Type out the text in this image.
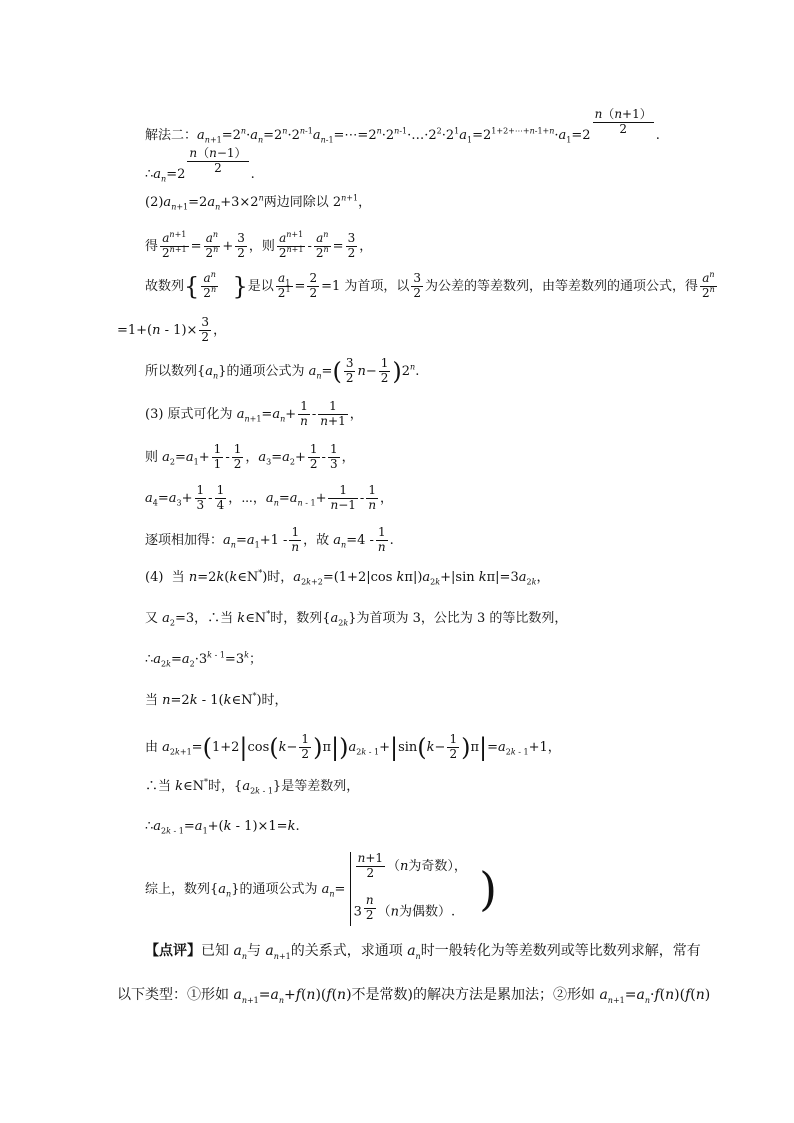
解法二：$a_{n+1}=2^n\cdot a_n=2^n\cdot 2^{n-1}a_{n-1}=\cdots=2^n\cdot 2^{n-1}\cdot\dots\cdot 2^2\cdot 2^1a_1=2^{1+2+\cdots+n-1+n}\cdot a_1=2 \frac{n(n+1)}{2}$ .
$\therefore a_n=2 \frac{n(n-1)}{2}$ .
$(2)a_{n+1}=2a_n+3\times 2^n$两边同除以 $2^{n+1}$，
得 $\frac{a^{n+1}}{2^{n+1}} = \frac{a^n}{2^n} + \frac{3}{2}$ ，则 $\frac{a^{n+1}}{2^{n+1}} - \frac{a^n}{2^n} = \frac{3}{2}$ ，
故数列{ $\frac{a^n}{2^n}$ }是以 $\frac{a_1}{2^1} = \frac{2}{2} =1$ 为首项，以 $\frac{3}{2}$ 为公差的等差数列，由等差数列的通项公式，得 $\frac{a^n}{2^n}$
$=1+(n - 1)\times \frac{3}{2}$ ，
所以数列$\{a_n\}$的通项公式为 $a_n=( \frac{3}{2} n- \frac{1}{2} )2^n$.
(3) 原式可化为 $a_{n+1}=a_n+ \frac{1}{n} - \frac{1}{n+1}$ ，
则 $a_2=a_1+ \frac{1}{1} - \frac{1}{2}$ ，$a_3=a_2+ \frac{1}{2} - \frac{1}{3}$ ，
$a_4=a_3+ \frac{1}{3} - \frac{1}{4}$ ，⋯，$a_n=a_{n - 1}+ \frac{1}{n-1} - \frac{1}{n}$ ，
逐项相加得：$a_n=a_1+1 - \frac{1}{n}$ ，故 $a_n=4 - \frac{1}{n}$ .
(4)  当 n=2k(k∈N*)时，$a_{2k+2}=(1+2|\cos$ $k\pi|)a_{2k}+|\sin$ $k\pi|=3a_{2k}$，
又 $a_2=3$，∴当 k∈N*时，数列$\{a_{2k}\}$为首项为 3，公比为 3 的等比数列，
$\therefore a_{2k}=a_2\cdot 3^{k - 1}=3^k$；
当 n=2k - 1(k∈N*)时，
由 $a_{2k+1}=(1+2|\cos(k- \frac{1}{2} )\pi|)a_{2k - 1}+|\sin(k- \frac{1}{2} )\pi|=a_{2k - 1}+1$，
∴当 k∈N*时，$\{a_{2k - 1}\}$是等差数列，
$\therefore a_{2k - 1}=a_1+(k - 1)\times 1=k$.
综上，数列$\{a_n\}$的通项公式为 $a_n=$
$\frac{n+1}{2} (n$为奇数），
3 $^{\frac{n}{2}}$ （n为偶数）. )
【点评】已知 $a_n$与 $a_{n+1}$的关系式，求通项 $a_n$时一般转化为等差数列或等比数列求解，常有
以下类型：①形如 $a_{n+1}=a_n+f(n)(f(n)$不是常数)的解决方法是累加法；②形如 $a_{n+1}=a_n\cdot f(n)(f(n)$
